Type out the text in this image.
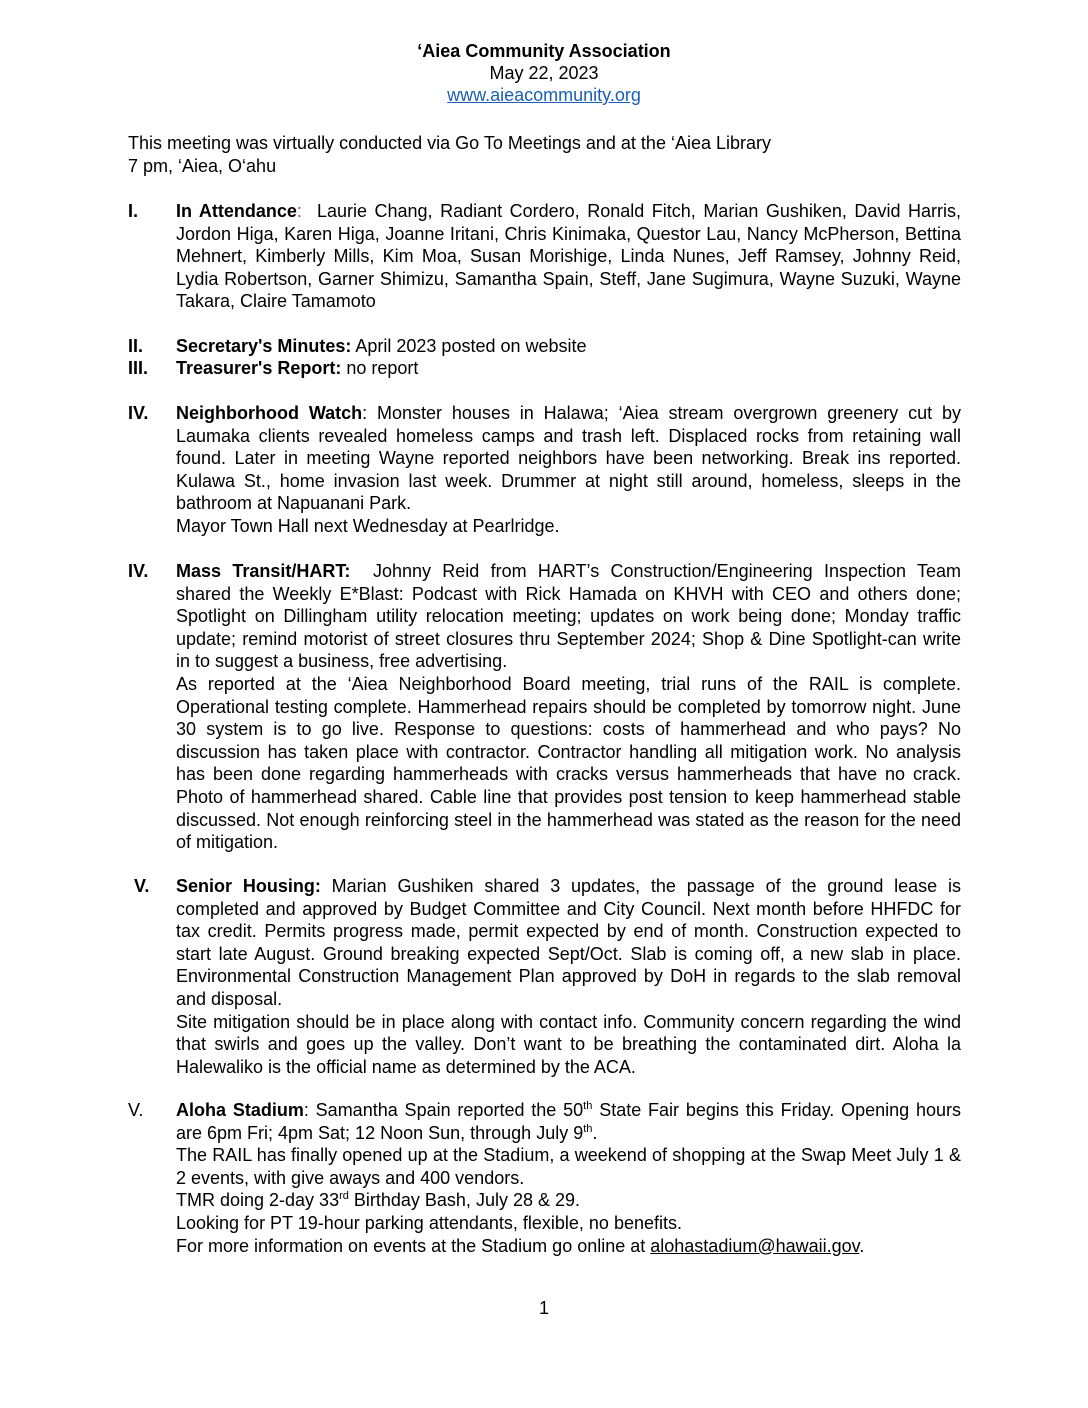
‘Aiea Community Association
May 22, 2023
www.aieacommunity.org
This meeting was virtually conducted via Go To Meetings and at the ‘Aiea Library
7 pm, ‘Aiea, O‘ahu
I.	In Attendance: Laurie Chang, Radiant Cordero, Ronald Fitch, Marian Gushiken, David Harris, Jordon Higa, Karen Higa, Joanne Iritani, Chris Kinimaka, Questor Lau, Nancy McPherson, Bettina Mehnert, Kimberly Mills, Kim Moa, Susan Morishige, Linda Nunes, Jeff Ramsey, Johnny Reid, Lydia Robertson, Garner Shimizu, Samantha Spain, Steff, Jane Sugimura, Wayne Suzuki, Wayne Takara, Claire Tamamoto
II.	Secretary's Minutes: April 2023 posted on website
III.	Treasurer's Report: no report
IV.	Neighborhood Watch: Monster houses in Halawa; ‘Aiea stream overgrown greenery cut by Laumaka clients revealed homeless camps and trash left. Displaced rocks from retaining wall found. Later in meeting Wayne reported neighbors have been networking. Break ins reported. Kulawa St., home invasion last week. Drummer at night still around, homeless, sleeps in the bathroom at Napuanani Park.
Mayor Town Hall next Wednesday at Pearlridge.
IV.	Mass Transit/HART: Johnny Reid from HART’s Construction/Engineering Inspection Team shared the Weekly E*Blast: Podcast with Rick Hamada on KHVH with CEO and others done; Spotlight on Dillingham utility relocation meeting; updates on work being done; Monday traffic update; remind motorist of street closures thru September 2024; Shop & Dine Spotlight-can write in to suggest a business, free advertising.
As reported at the ‘Aiea Neighborhood Board meeting, trial runs of the RAIL is complete. Operational testing complete. Hammerhead repairs should be completed by tomorrow night. June 30 system is to go live. Response to questions: costs of hammerhead and who pays? No discussion has taken place with contractor. Contractor handling all mitigation work. No analysis has been done regarding hammerheads with cracks versus hammerheads that have no crack. Photo of hammerhead shared. Cable line that provides post tension to keep hammerhead stable discussed. Not enough reinforcing steel in the hammerhead was stated as the reason for the need of mitigation.
V.	Senior Housing: Marian Gushiken shared 3 updates, the passage of the ground lease is completed and approved by Budget Committee and City Council. Next month before HHFDC for tax credit. Permits progress made, permit expected by end of month. Construction expected to start late August. Ground breaking expected Sept/Oct. Slab is coming off, a new slab in place. Environmental Construction Management Plan approved by DoH in regards to the slab removal and disposal.
Site mitigation should be in place along with contact info. Community concern regarding the wind that swirls and goes up the valley. Don’t want to be breathing the contaminated dirt. Aloha la Halewaliko is the official name as determined by the ACA.
V.	Aloha Stadium: Samantha Spain reported the 50th State Fair begins this Friday. Opening hours are 6pm Fri; 4pm Sat; 12 Noon Sun, through July 9th.
The RAIL has finally opened up at the Stadium, a weekend of shopping at the Swap Meet July 1 & 2 events, with give aways and 400 vendors.
TMR doing 2-day 33rd Birthday Bash, July 28 & 29.
Looking for PT 19-hour parking attendants, flexible, no benefits.
For more information on events at the Stadium go online at alohastadium@hawaii.gov.
1
